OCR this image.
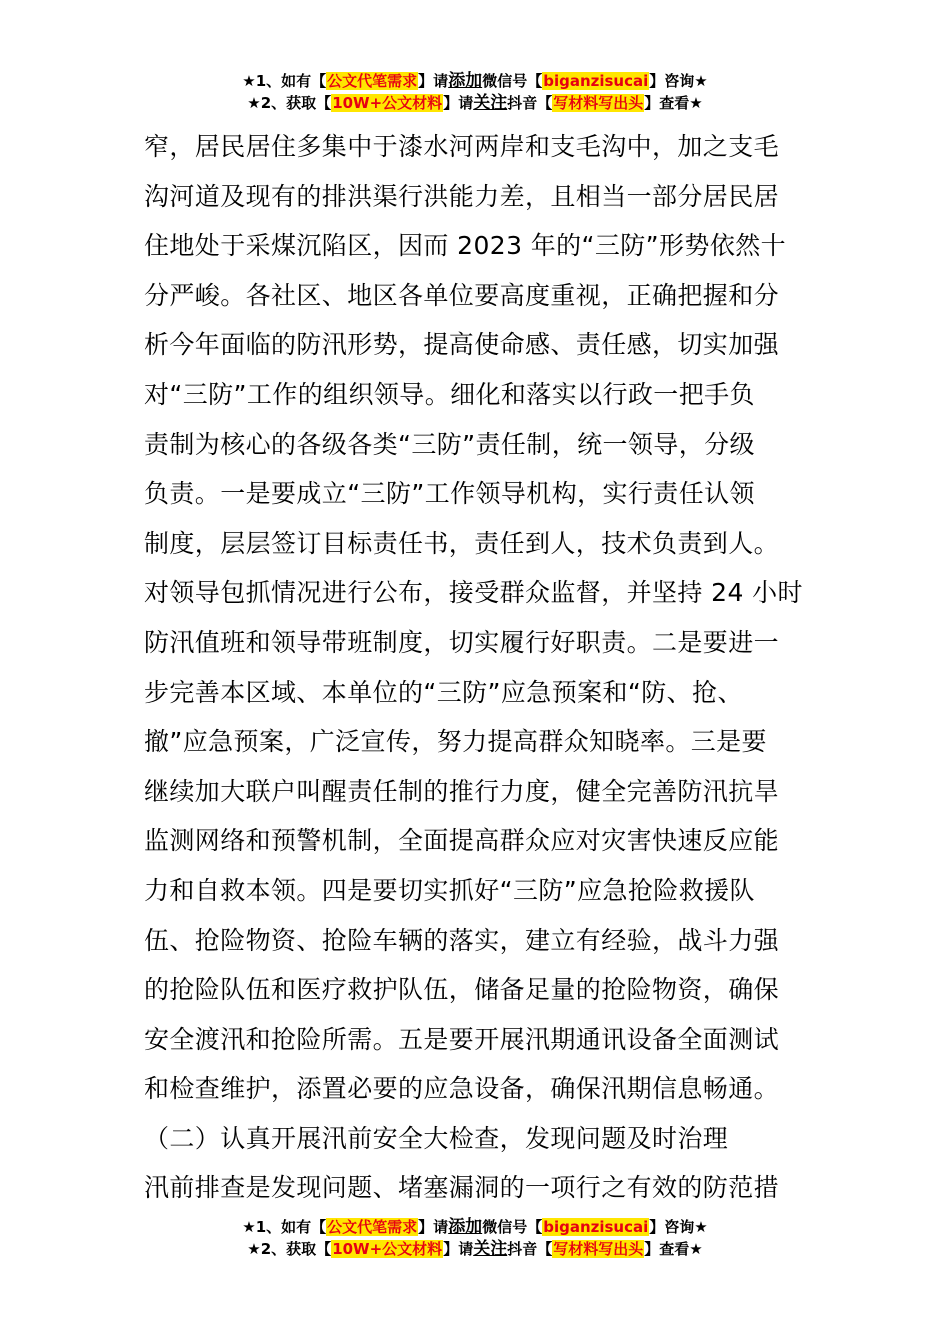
★1、如有【公文代笔需求】请添加微信号【biganzisucai】咨询★
★2、获取【10W+公文材料】请关注抖音【写材料写出头】查看★
窄，居民居住多集中于漆水河两岸和支毛沟中，加之支毛
沟河道及现有的排洪渠行洪能力差，且相当一部分居民居
住地处于采煤沉陷区，因而 2023 年的“三防”形势依然十
分严峻。各社区、地区各单位要高度重视，正确把握和分
析今年面临的防汛形势，提高使命感、责任感，切实加强
对“三防”工作的组织领导。细化和落实以行政一把手负
责制为核心的各级各类“三防”责任制，统一领导，分级
负责。一是要成立“三防”工作领导机构，实行责任认领
制度，层层签订目标责任书，责任到人，技术负责到人。
对领导包抓情况进行公布，接受群众监督，并坚持 24 小时
防汛值班和领导带班制度，切实履行好职责。二是要进一
步完善本区域、本单位的“三防”应急预案和“防、抢、
撤”应急预案，广泛宣传，努力提高群众知晓率。三是要
继续加大联户叫醒责任制的推行力度，健全完善防汛抗旱
监测网络和预警机制，全面提高群众应对灾害快速反应能
力和自救本领。四是要切实抓好“三防”应急抢险救援队
伍、抢险物资、抢险车辆的落实，建立有经验，战斗力强
的抢险队伍和医疗救护队伍，储备足量的抢险物资，确保
安全渡汛和抢险所需。五是要开展汛期通讯设备全面测试
和检查维护，添置必要的应急设备，确保汛期信息畅通。
（二）认真开展汛前安全大检查，发现问题及时治理
汛前排查是发现问题、堵塞漏洞的一项行之有效的防范措
★1、如有【公文代笔需求】请添加微信号【biganzisucai】咨询★
★2、获取【10W+公文材料】请关注抖音【写材料写出头】查看★
